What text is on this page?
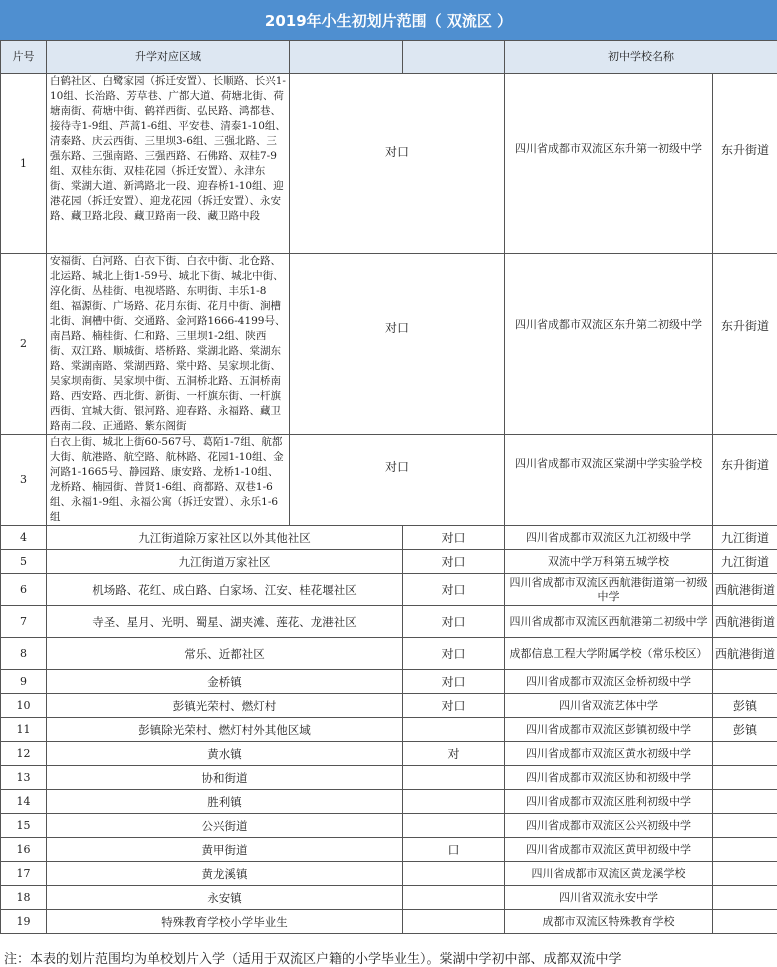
2019年小生初划片范围（ 双流区 ）
片号	升学对应区域			初中学校名称	
1	白鹤社区、白鹭家园（拆迁安置）、长顺路、长兴1-10组、长治路、芳草巷、广都大道、荷塘北街、荷塘南街、荷塘中街、鹤祥西街、弘民路、鸿都巷、接待寺1-9组、芦蒿1-6组、平安巷、清泰1-10组、清泰路、庆云西街、三里坝3-6组、三强北路、三强东路、三强南路、三强西路、石佛路、双桂7-9组、双桂东街、双桂花园（拆迁安置）、永津东街、棠湖大道、新鸿路北一段、迎春桥1-10组、迎港花园（拆迁安置）、迎龙花园（拆迁安置）、永安路、藏卫路北段、藏卫路南一段、藏卫路中段	对口		四川省成都市双流区东升第一初级中学	东升街道
2	安福街、白河路、白衣下街、白衣中街、北仓路、北运路、城北上街1-59号、城北下街、城北中街、淳化街、丛桂街、电视塔路、东明街、丰乐1-8组、福源街、广场路、花月东街、花月中街、涧槽北街、涧槽中街、交通路、金河路1666-4199号、南昌路、楠桂街、仁和路、三里坝1-2组、陕西街、双江路、顺城街、塔桥路、棠湖北路、棠湖东路、棠湖南路、棠湖西路、棠中路、吴家坝北街、吴家坝南街、吴家坝中街、五洞桥北路、五洞桥南路、西安路、西北街、新街、一杆旗东街、一杆旗西街、宜城大街、银河路、迎春路、永福路、藏卫路南二段、正通路、紫东阁街	对口		四川省成都市双流区东升第二初级中学	东升街道
3	白衣上街、城北上街60-567号、葛陌1-7组、航都大街、航港路、航空路、航林路、花园1-10组、金河路1-1665号、静园路、康安路、龙桥1-10组、龙桥路、楠园街、普贤1-6组、商都路、双巷1-6组、永福1-9组、永福公寓（拆迁安置）、永乐1-6组	对口		四川省成都市双流区棠湖中学实验学校	东升街道
4	九江街道除万家社区以外其他社区		对口	四川省成都市双流区九江初级中学	九江街道
5	九江街道万家社区		对口	双流中学万科第五城学校	九江街道
6	机场路、花红、成白路、白家场、江安、桂花堰社区		对口	四川省成都市双流区西航港街道第一初级中学	西航港街道
7	寺圣、星月、光明、蜀星、湖夹滩、莲花、龙港社区		对口	四川省成都市双流区西航港第二初级中学	西航港街道
8	常乐、近都社区		对口	成都信息工程大学附属学校（常乐校区）	西航港街道
9	金桥镇		对口	四川省成都市双流区金桥初级中学	
10	彭镇光荣村、燃灯村		对口	四川省双流艺体中学	彭镇
11	彭镇除光荣村、燃灯村外其他区域			四川省成都市双流区彭镇初级中学	彭镇
12	黄水镇		对	四川省成都市双流区黄水初级中学	
13	协和街道			四川省成都市双流区协和初级中学	
14	胜利镇			四川省成都市双流区胜利初级中学	
15	公兴街道			四川省成都市双流区公兴初级中学	
16	黄甲街道		口	四川省成都市双流区黄甲初级中学	
17	黄龙溪镇			四川省成都市双流区黄龙溪学校	
18	永安镇			四川省双流永安中学	
19	特殊教育学校小学毕业生			成都市双流区特殊教育学校	
注：本表的划片范围均为单校划片入学（适用于双流区户籍的小学毕业生）。棠湖中学初中部、成都双流中学
